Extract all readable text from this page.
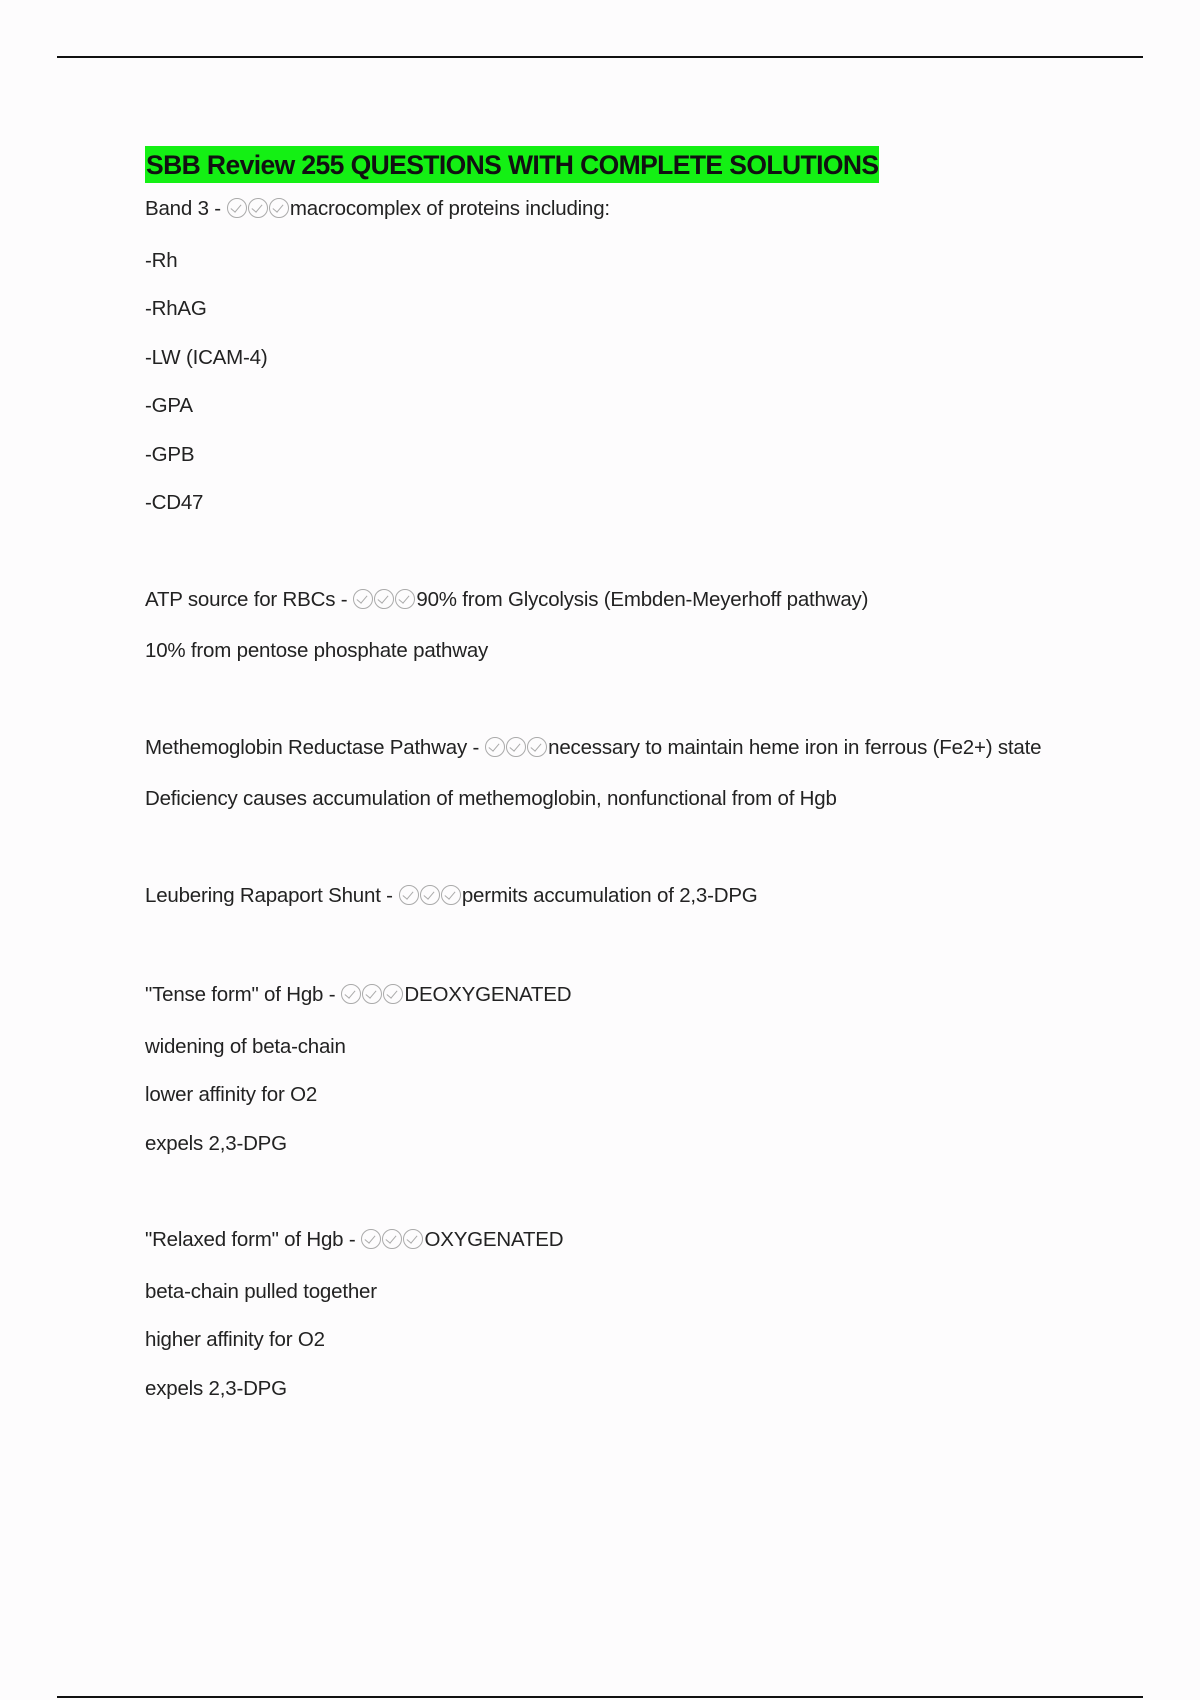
SBB Review 255 QUESTIONS WITH COMPLETE SOLUTIONS

Band 3 -	macrocomplex of proteins including:

-Rh

-RhAG

-LW (ICAM-4)

-GPA

-GPB

-CD47

ATP source for RBCs -	90% from Glycolysis (Embden-Meyerhoff pathway)

10% from pentose phosphate pathway

Methemoglobin Reductase Pathway -	necessary to maintain heme iron in ferrous (Fe2+) state

Deficiency causes accumulation of methemoglobin, nonfunctional from of Hgb

Leubering Rapaport Shunt -	permits accumulation of 2,3-DPG

"Tense form" of Hgb -	DEOXYGENATED

widening of beta-chain

lower affinity for O2

expels 2,3-DPG

"Relaxed form" of Hgb -	OXYGENATED

beta-chain pulled together

higher affinity for O2

expels 2,3-DPG
